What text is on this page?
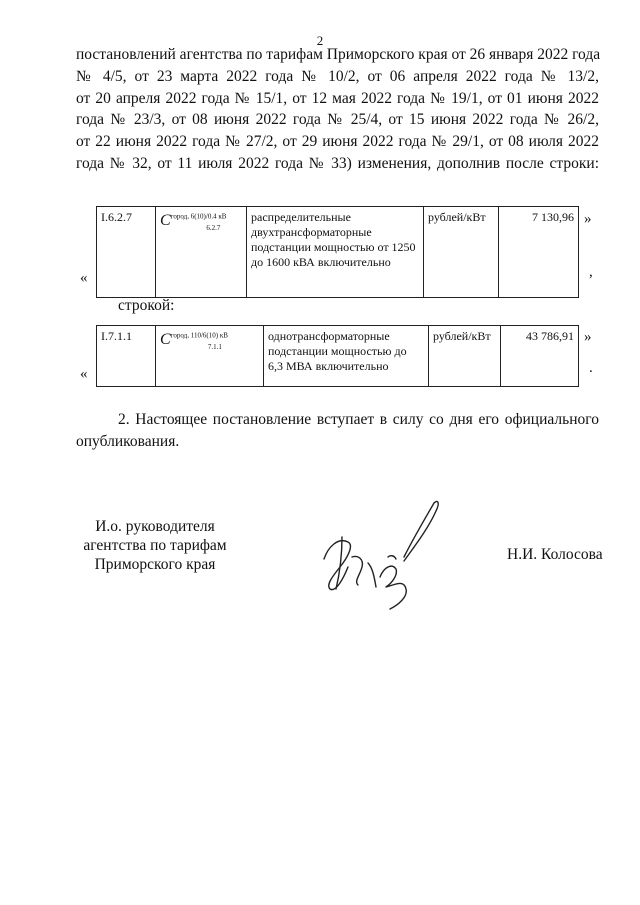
2
постановлений агентства по тарифам Приморского края от 26 января 2022 года
№ 4/5, от 23 марта 2022 года № 10/2, от 06 апреля 2022 года № 13/2,
от 20 апреля 2022 года № 15/1, от 12 мая 2022 года № 19/1, от 01 июня 2022
года № 23/3, от 08 июня 2022 года № 25/4, от 15 июня 2022 года № 26/2,
от 22 июня 2022 года № 27/2, от 29 июня 2022 года № 29/1, от 08 июля 2022
года № 32, от 11 июля 2022 года № 33) изменения, дополнив после строки:
«
I.6.2.7	$C^{город, 6(10)/0.4 кВ}_{6.2.7}$	распределительные двухтрансформаторные подстанции мощностью от 1250 до 1600 кВА включительно	рублей/кВт	7 130,96 »
,
строкой:
«
I.7.1.1	$C^{город, 110/6(10) кВ}_{7.1.1}$	однотрансформаторные подстанции мощностью до 6,3 МВА включительно	рублей/кВт	43 786,91 »
.
2. Настоящее постановление вступает в силу со дня его официального
опубликования.
И.о. руководителя
агентства по тарифам
Приморского края
Н.И. Колосова
